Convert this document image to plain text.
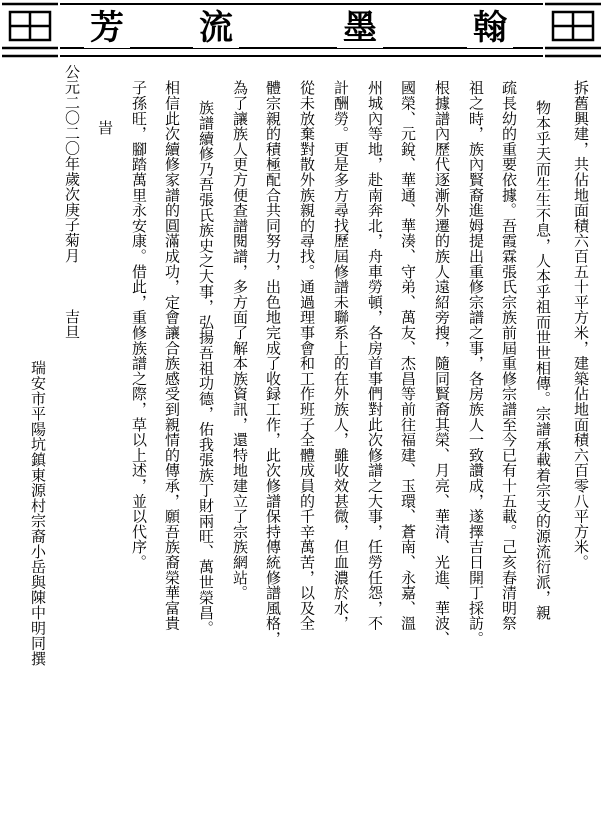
芳 流	墨	翰
拆舊興建，共佔地面積六百五十平方米，建築佔地面積六百零八平方米。
物本乎天而生生不息，人本乎祖而世世相傳。宗譜承載着宗支的源流衍派，親
疏長幼的重要依據。吾霞霖張氏宗族前屆重修宗譜至今已有十五載。己亥春清明祭
祖之時，族內賢裔進姆提出重修宗譜之事，各房族人一致讚成，遂擇吉日開丁採訪。
根據譜內歷代逐漸外遷的族人遠紹旁搜，隨同賢裔其榮、月亮、華清、光進、華波、
國榮、元銳、華通、華湊、守弟、萬友、杰昌等前往福建、玉環、蒼南、永嘉、溫
州城內等地，赴南奔北，舟車勞頓，各房首事們對此次修譜之大事，任勞任怨，不
計酬勞。更是多方尋找歷屆修譜未聯系上的在外族人，雖收效甚微，但血濃於水，
從未放棄對散外族親的尋找。通過理事會和工作班子全體成員的千辛萬苦，以及全
體宗親的積極配合共同努力，出色地完成了收録工作，此次修譜保持傳統修譜風格，
為了讓族人更方便查譜閱譜，多方面了解本族資訊，還特地建立了宗族網站。
族譜續修乃吾張氏族史之大事，弘揚吾祖功德，佑我張族丁財兩旺、萬世榮昌。
相信此次續修家譜的圓滿成功，定會讓合族感受到親情的傳承，願吾族裔榮華富貴
子孫旺，腳踏萬里永安康。借此，重修族譜之際，草以上述，並以代序。
旹
公元二〇二〇年歲次庚子菊月　　　吉旦
瑞安市平陽坑鎮東源村宗裔小岳與陳中明同撰
